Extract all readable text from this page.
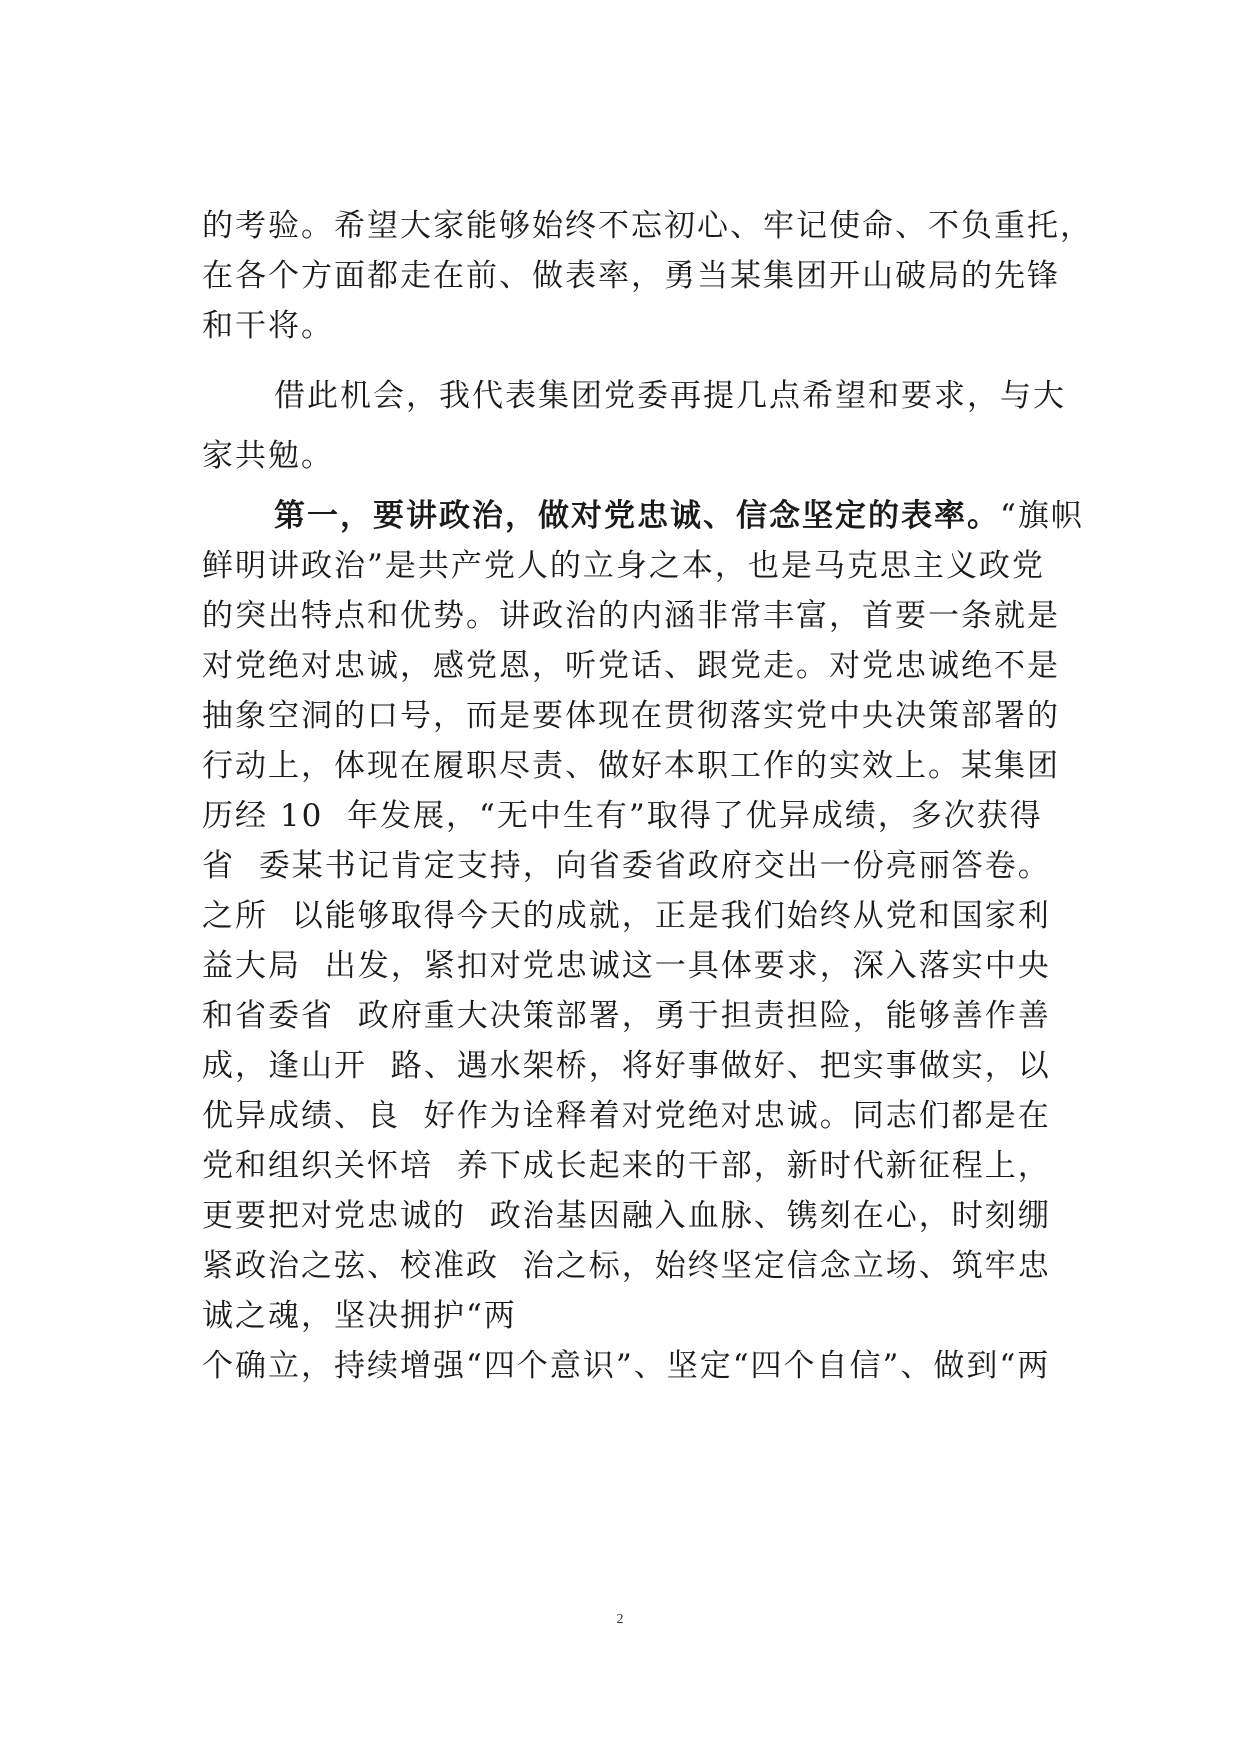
的考验。希望大家能够始终不忘初心、牢记使命、不负重托，
在各个方面都走在前、做表率，勇当某集团开山破局的先锋
和干将。
借此机会，我代表集团党委再提几点希望和要求，与大
家共勉。
第一，要讲政治，做对党忠诚、信念坚定的表率。“旗帜
鲜明讲政治”是共产党人的立身之本，也是马克思主义政党
的突出特点和优势。讲政治的内涵非常丰富，首要一条就是
对党绝对忠诚，感党恩，听党话、跟党走。对党忠诚绝不是
抽象空洞的口号，而是要体现在贯彻落实党中央决策部署的
行动上，体现在履职尽责、做好本职工作的实效上。某集团
历经 10  年发展，“无中生有”取得了优异成绩，多次获得
省  委某书记肯定支持，向省委省政府交出一份亮丽答卷。
之所  以能够取得今天的成就，正是我们始终从党和国家利
益大局  出发，紧扣对党忠诚这一具体要求，深入落实中央
和省委省  政府重大决策部署，勇于担责担险，能够善作善
成，逢山开  路、遇水架桥，将好事做好、把实事做实，以
优异成绩、良  好作为诠释着对党绝对忠诚。同志们都是在
党和组织关怀培  养下成长起来的干部，新时代新征程上，
更要把对党忠诚的  政治基因融入血脉、镌刻在心，时刻绷
紧政治之弦、校准政  治之标，始终坚定信念立场、筑牢忠
诚之魂，坚决拥护“两
个确立，持续增强“四个意识”、坚定“四个自信”、做到“两
2
